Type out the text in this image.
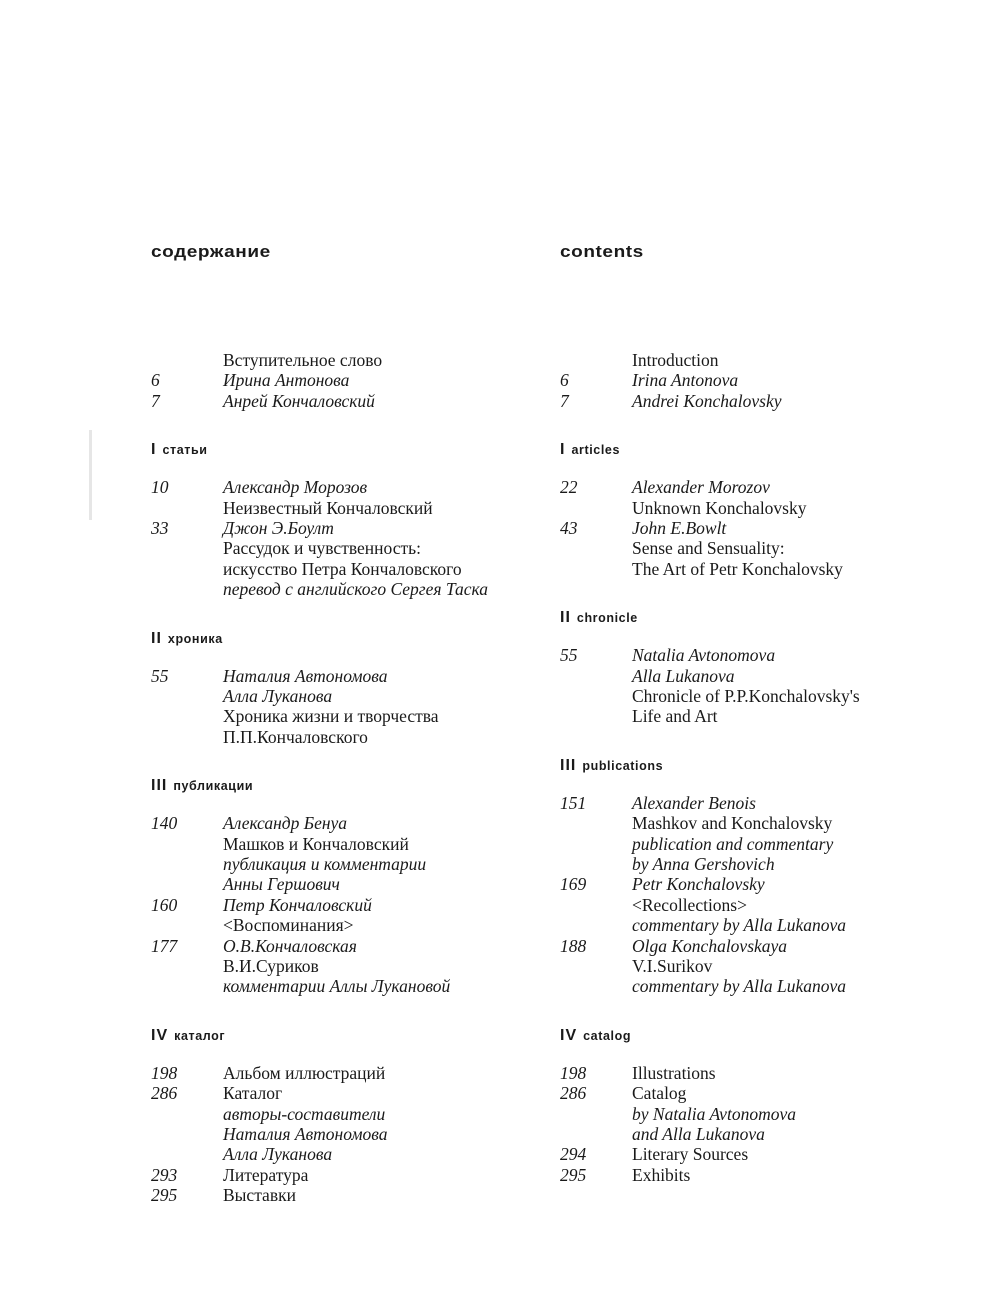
содержание
Вступительное слово
6	Ирина Антонова
7	Анрей Кончаловский
I статьи
10	Александр Морозов
Неизвестный Кончаловский
33	Джон Э.Боулт
Рассудок и чувственность:
искусство Петра Кончаловского
перевод с английского Сергея Таска
II хроника
55	Наталия Автономова
Алла Луканова
Хроника жизни и творчества
П.П.Кончаловского
III публикации
140	Александр Бенуа
Машков и Кончаловский
публикация и комментарии
Анны Гершович
160	Петр Кончаловский
<Воспоминания>
177	О.В.Кончаловская
В.И.Суриков
комментарии Аллы Лукановой
IV каталог
198	Альбом иллюстраций
286	Каталог
авторы-составители
Наталия Автономова
Алла Луканова
293	Литература
295	Выставки
contents
Introduction
6	Irina Antonova
7	Andrei Konchalovsky
I articles
22	Alexander Morozov
Unknown Konchalovsky
43	John E.Bowlt
Sense and Sensuality:
The Art of Petr Konchalovsky
II chronicle
55	Natalia Avtonomova
Alla Lukanova
Chronicle of P.P.Konchalovsky's
Life and Art
III publications
151	Alexander Benois
Mashkov and Konchalovsky
publication and commentary
by Anna Gershovich
169	Petr Konchalovsky
<Recollections>
commentary by Alla Lukanova
188	Olga Konchalovskaya
V.I.Surikov
commentary by Alla Lukanova
IV catalog
198	Illustrations
286	Catalog
by Natalia Avtonomova
and Alla Lukanova
294	Literary Sources
295	Exhibits
